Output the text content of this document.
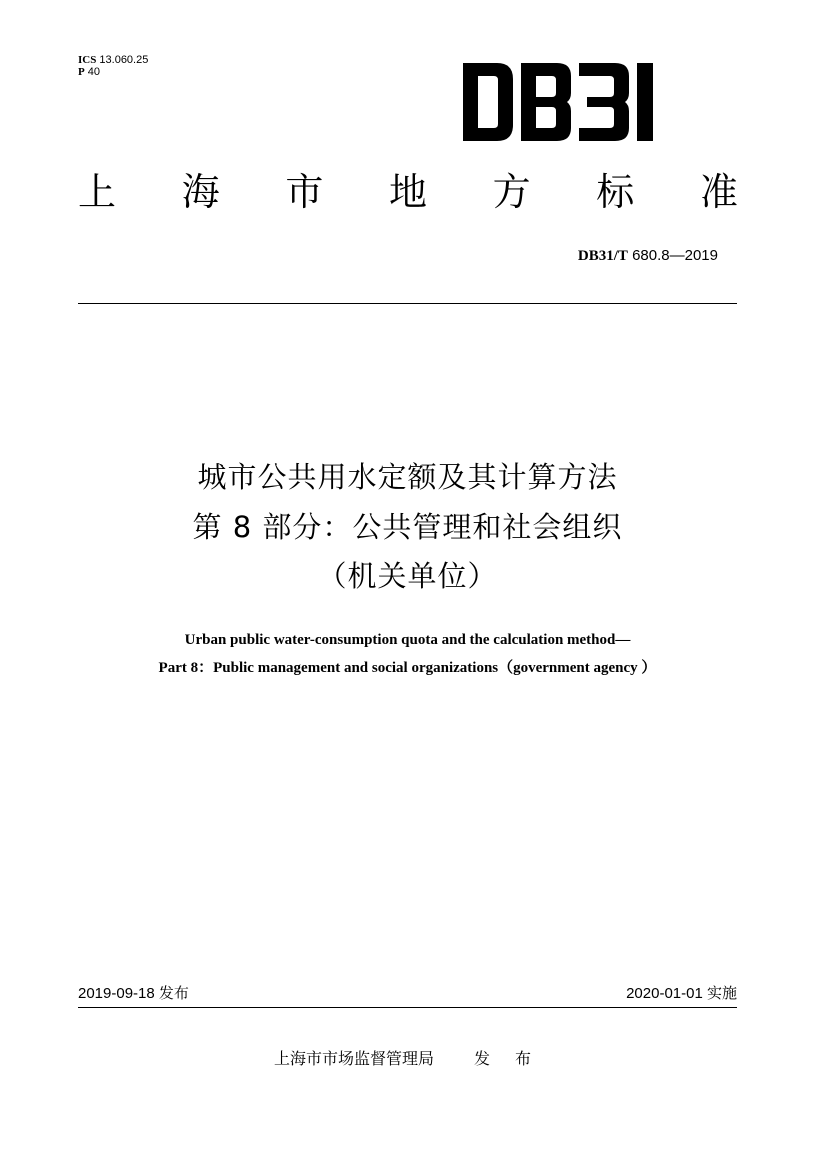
ICS 13.060.25
P 40
上 海 市 地 方 标 准
DB31/T 680.8—2019
城市公共用水定额及其计算方法
第 8 部分：公共管理和社会组织
（机关单位）
Urban public water-consumption quota and the calculation method—
Part 8：Public management and social organizations（government agency ）
2019-09-18 发布	2020-01-01 实施
上海市市场监督管理局	发 布
